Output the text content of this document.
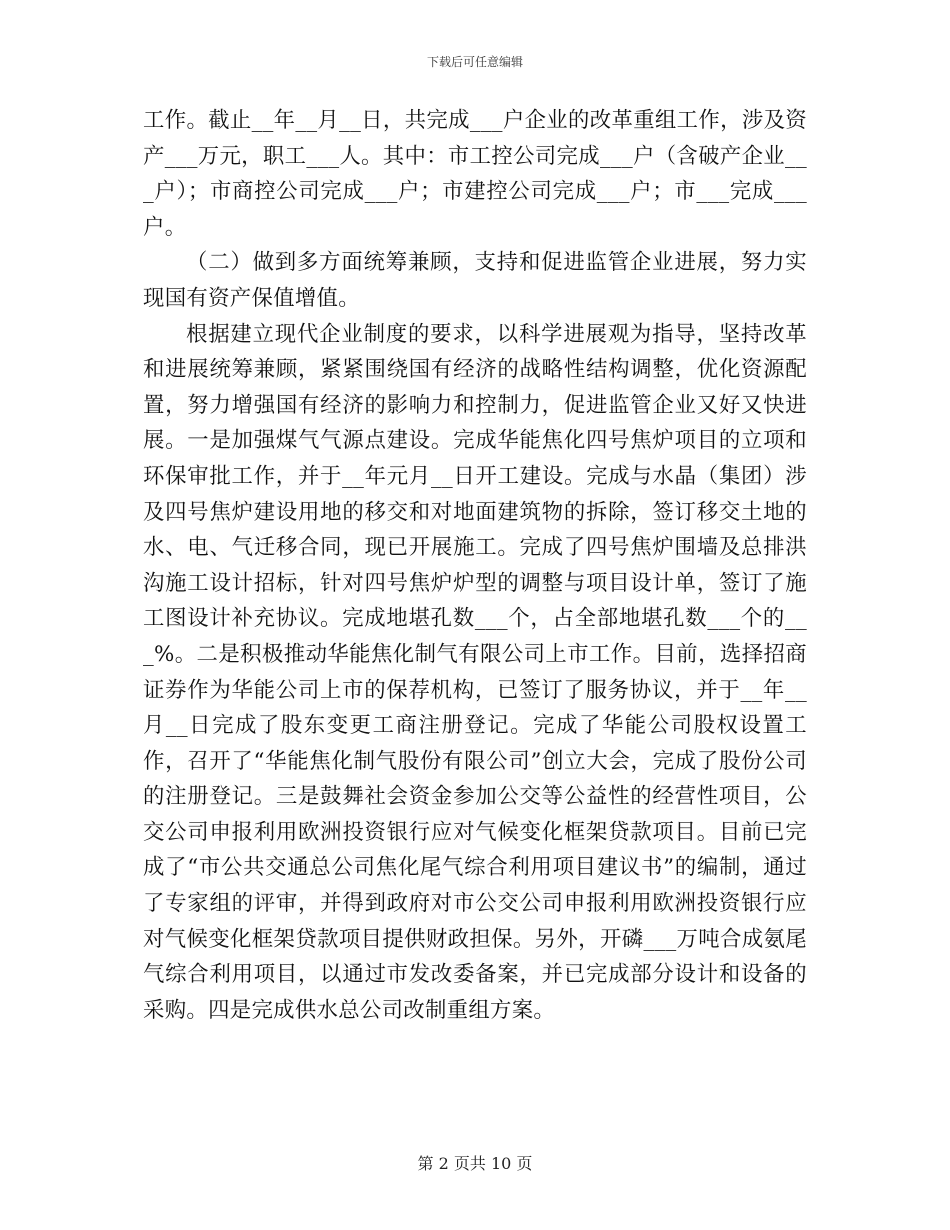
下载后可任意编辑

工作。截止__年__月__日，共完成___户企业的改革重组工作，涉及资产___万元，职工___人。其中：市工控公司完成___户（含破产企业___户）；市商控公司完成___户；市建控公司完成___户；市___完成___户。

（二）做到多方面统筹兼顾，支持和促进监管企业进展，努力实现国有资产保值增值。

根据建立现代企业制度的要求，以科学进展观为指导，坚持改革和进展统筹兼顾，紧紧围绕国有经济的战略性结构调整，优化资源配置，努力增强国有经济的影响力和控制力，促进监管企业又好又快进展。一是加强煤气气源点建设。完成华能焦化四号焦炉项目的立项和环保审批工作，并于__年元月__日开工建设。完成与水晶（集团）涉及四号焦炉建设用地的移交和对地面建筑物的拆除，签订移交土地的水、电、气迁移合同，现已开展施工。完成了四号焦炉围墙及总排洪沟施工设计招标，针对四号焦炉炉型的调整与项目设计单，签订了施工图设计补充协议。完成地堪孔数___个，占全部地堪孔数___个的___%。二是积极推动华能焦化制气有限公司上市工作。目前，选择招商证券作为华能公司上市的保荐机构，已签订了服务协议，并于__年__月__日完成了股东变更工商注册登记。完成了华能公司股权设置工作，召开了“华能焦化制气股份有限公司”创立大会，完成了股份公司的注册登记。三是鼓舞社会资金参加公交等公益性的经营性项目，公交公司申报利用欧洲投资银行应对气候变化框架贷款项目。目前已完成了“市公共交通总公司焦化尾气综合利用项目建议书”的编制，通过了专家组的评审，并得到政府对市公交公司申报利用欧洲投资银行应对气候变化框架贷款项目提供财政担保。另外，开磷___万吨合成氨尾气综合利用项目，以通过市发改委备案，并已完成部分设计和设备的采购。四是完成供水总公司改制重组方案。

第 2 页共 10 页
